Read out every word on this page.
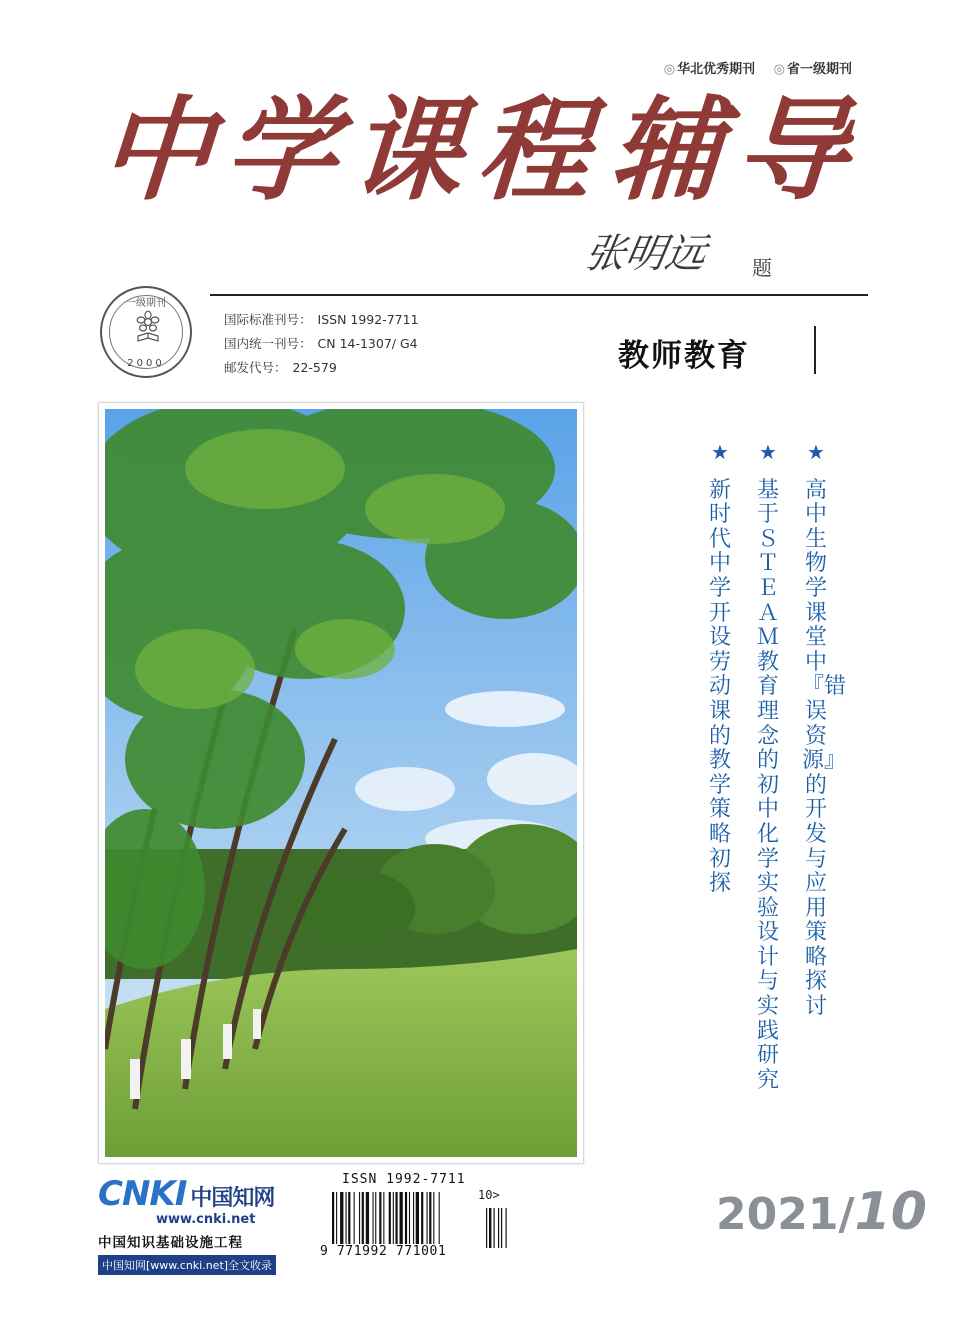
◎ 华北优秀期刊 ◎ 省一级期刊
中 学 课 程 辅 导
张明远 题
一级期刊
2000
国际标准刊号： ISSN 1992-7711
国内统一刊号： CN 14-1307/ G4
邮发代号： 22-579	教师教育
★
高中生物学课堂中『错误资源』的开发与应用策略探讨
★
基于ＳＴＥＡＭ教育理念的初中化学实验设计与实践研究
★
新时代中学开设劳动课的教学策略初探
CNKI 中国知网
www.cnki.net
中国知识基础设施工程
中国知网[www.cnki.net]全文收录
ISSN 1992-7711
10>
9 771992 771001
2021/10
